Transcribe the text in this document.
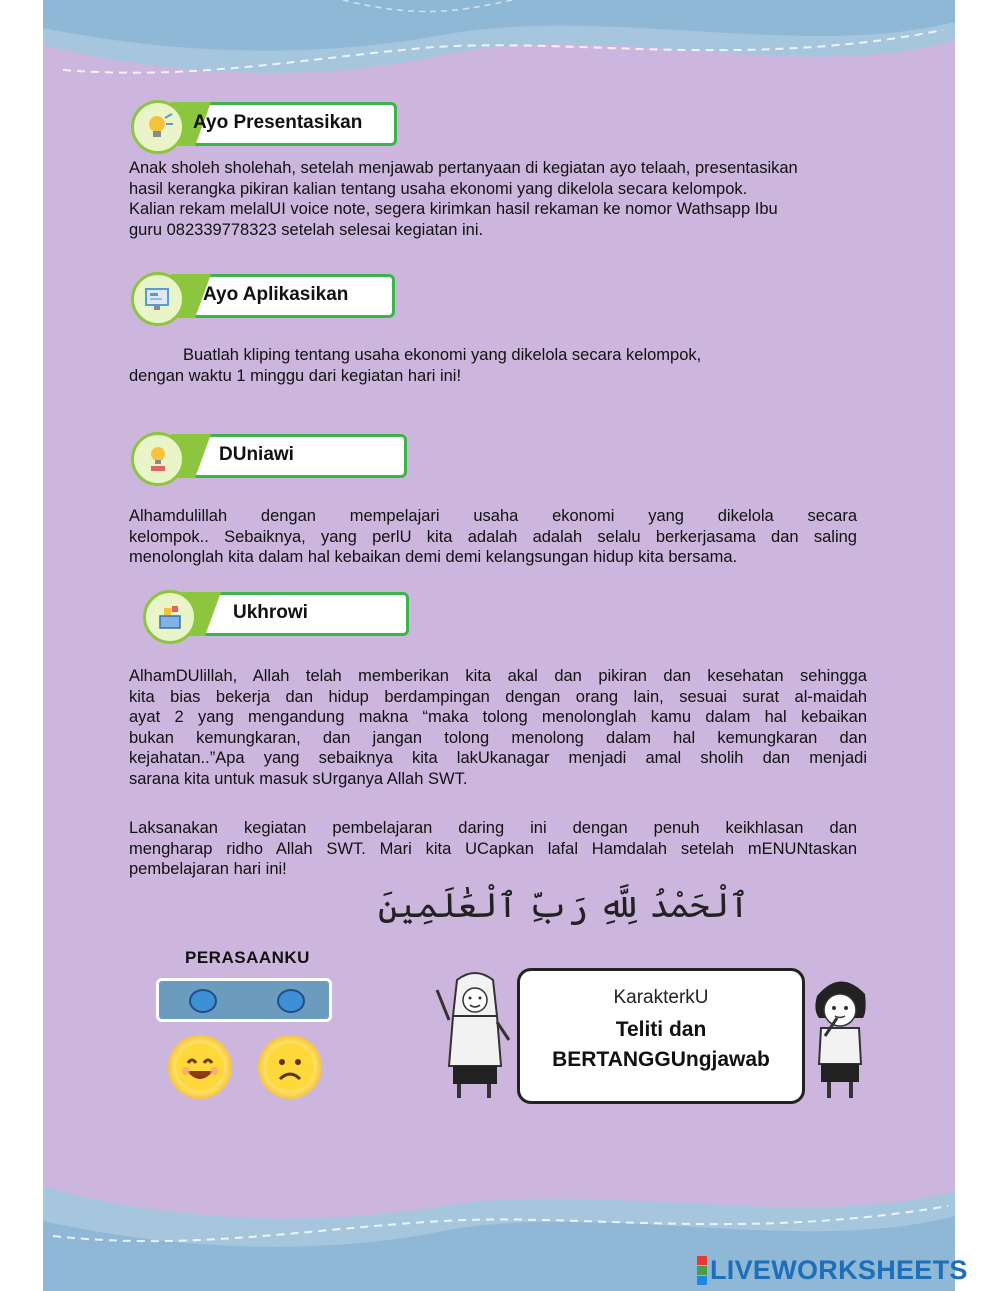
Ayo Presentasikan
Anak sholeh sholehah, setelah menjawab pertanyaan di kegiatan ayo telaah, presentasikan
hasil kerangka pikiran kalian tentang usaha ekonomi yang dikelola secara kelompok.
Kalian rekam melalUI voice note, segera kirimkan hasil rekaman ke nomor Wathsapp Ibu
guru 082339778323 setelah selesai kegiatan ini.
Ayo Aplikasikan
Buatlah kliping tentang usaha ekonomi yang dikelola secara kelompok,
dengan waktu 1 minggu dari kegiatan hari ini!
DUniawi
Alhamdulillah dengan mempelajari usaha ekonomi yang dikelola secara
kelompok.. Sebaiknya, yang perlU kita adalah adalah selalu berkerjasama dan saling
menolonglah kita dalam hal kebaikan demi demi kelangsungan hidup kita bersama.
Ukhrowi
AlhamDUlillah, Allah telah memberikan kita akal dan pikiran dan kesehatan sehingga
kita bias bekerja dan hidup berdampingan dengan orang lain, sesuai surat al-maidah
ayat 2 yang mengandung makna “maka tolong menolonglah kamu dalam hal kebaikan
bukan kemungkaran, dan jangan tolong menolong dalam hal kemungkaran dan
kejahatan..”Apa yang sebaiknya kita lakUkanagar menjadi amal sholih dan menjadi
sarana kita untuk masuk sUrganya Allah SWT.
Laksanakan kegiatan pembelajaran daring ini dengan penuh keikhlasan dan
mengharap ridho Allah SWT. Mari kita UCapkan lafal Hamdalah setelah mENUNtaskan
pembelajaran hari ini!
ٱلْحَمْدُ لِلَّهِ رَبِّ ٱلْعَٰلَمِينَ
PERASAANKU
KarakterkU
Teliti dan
BERTANGGUngjawab
LIVEWORKSHEETS
